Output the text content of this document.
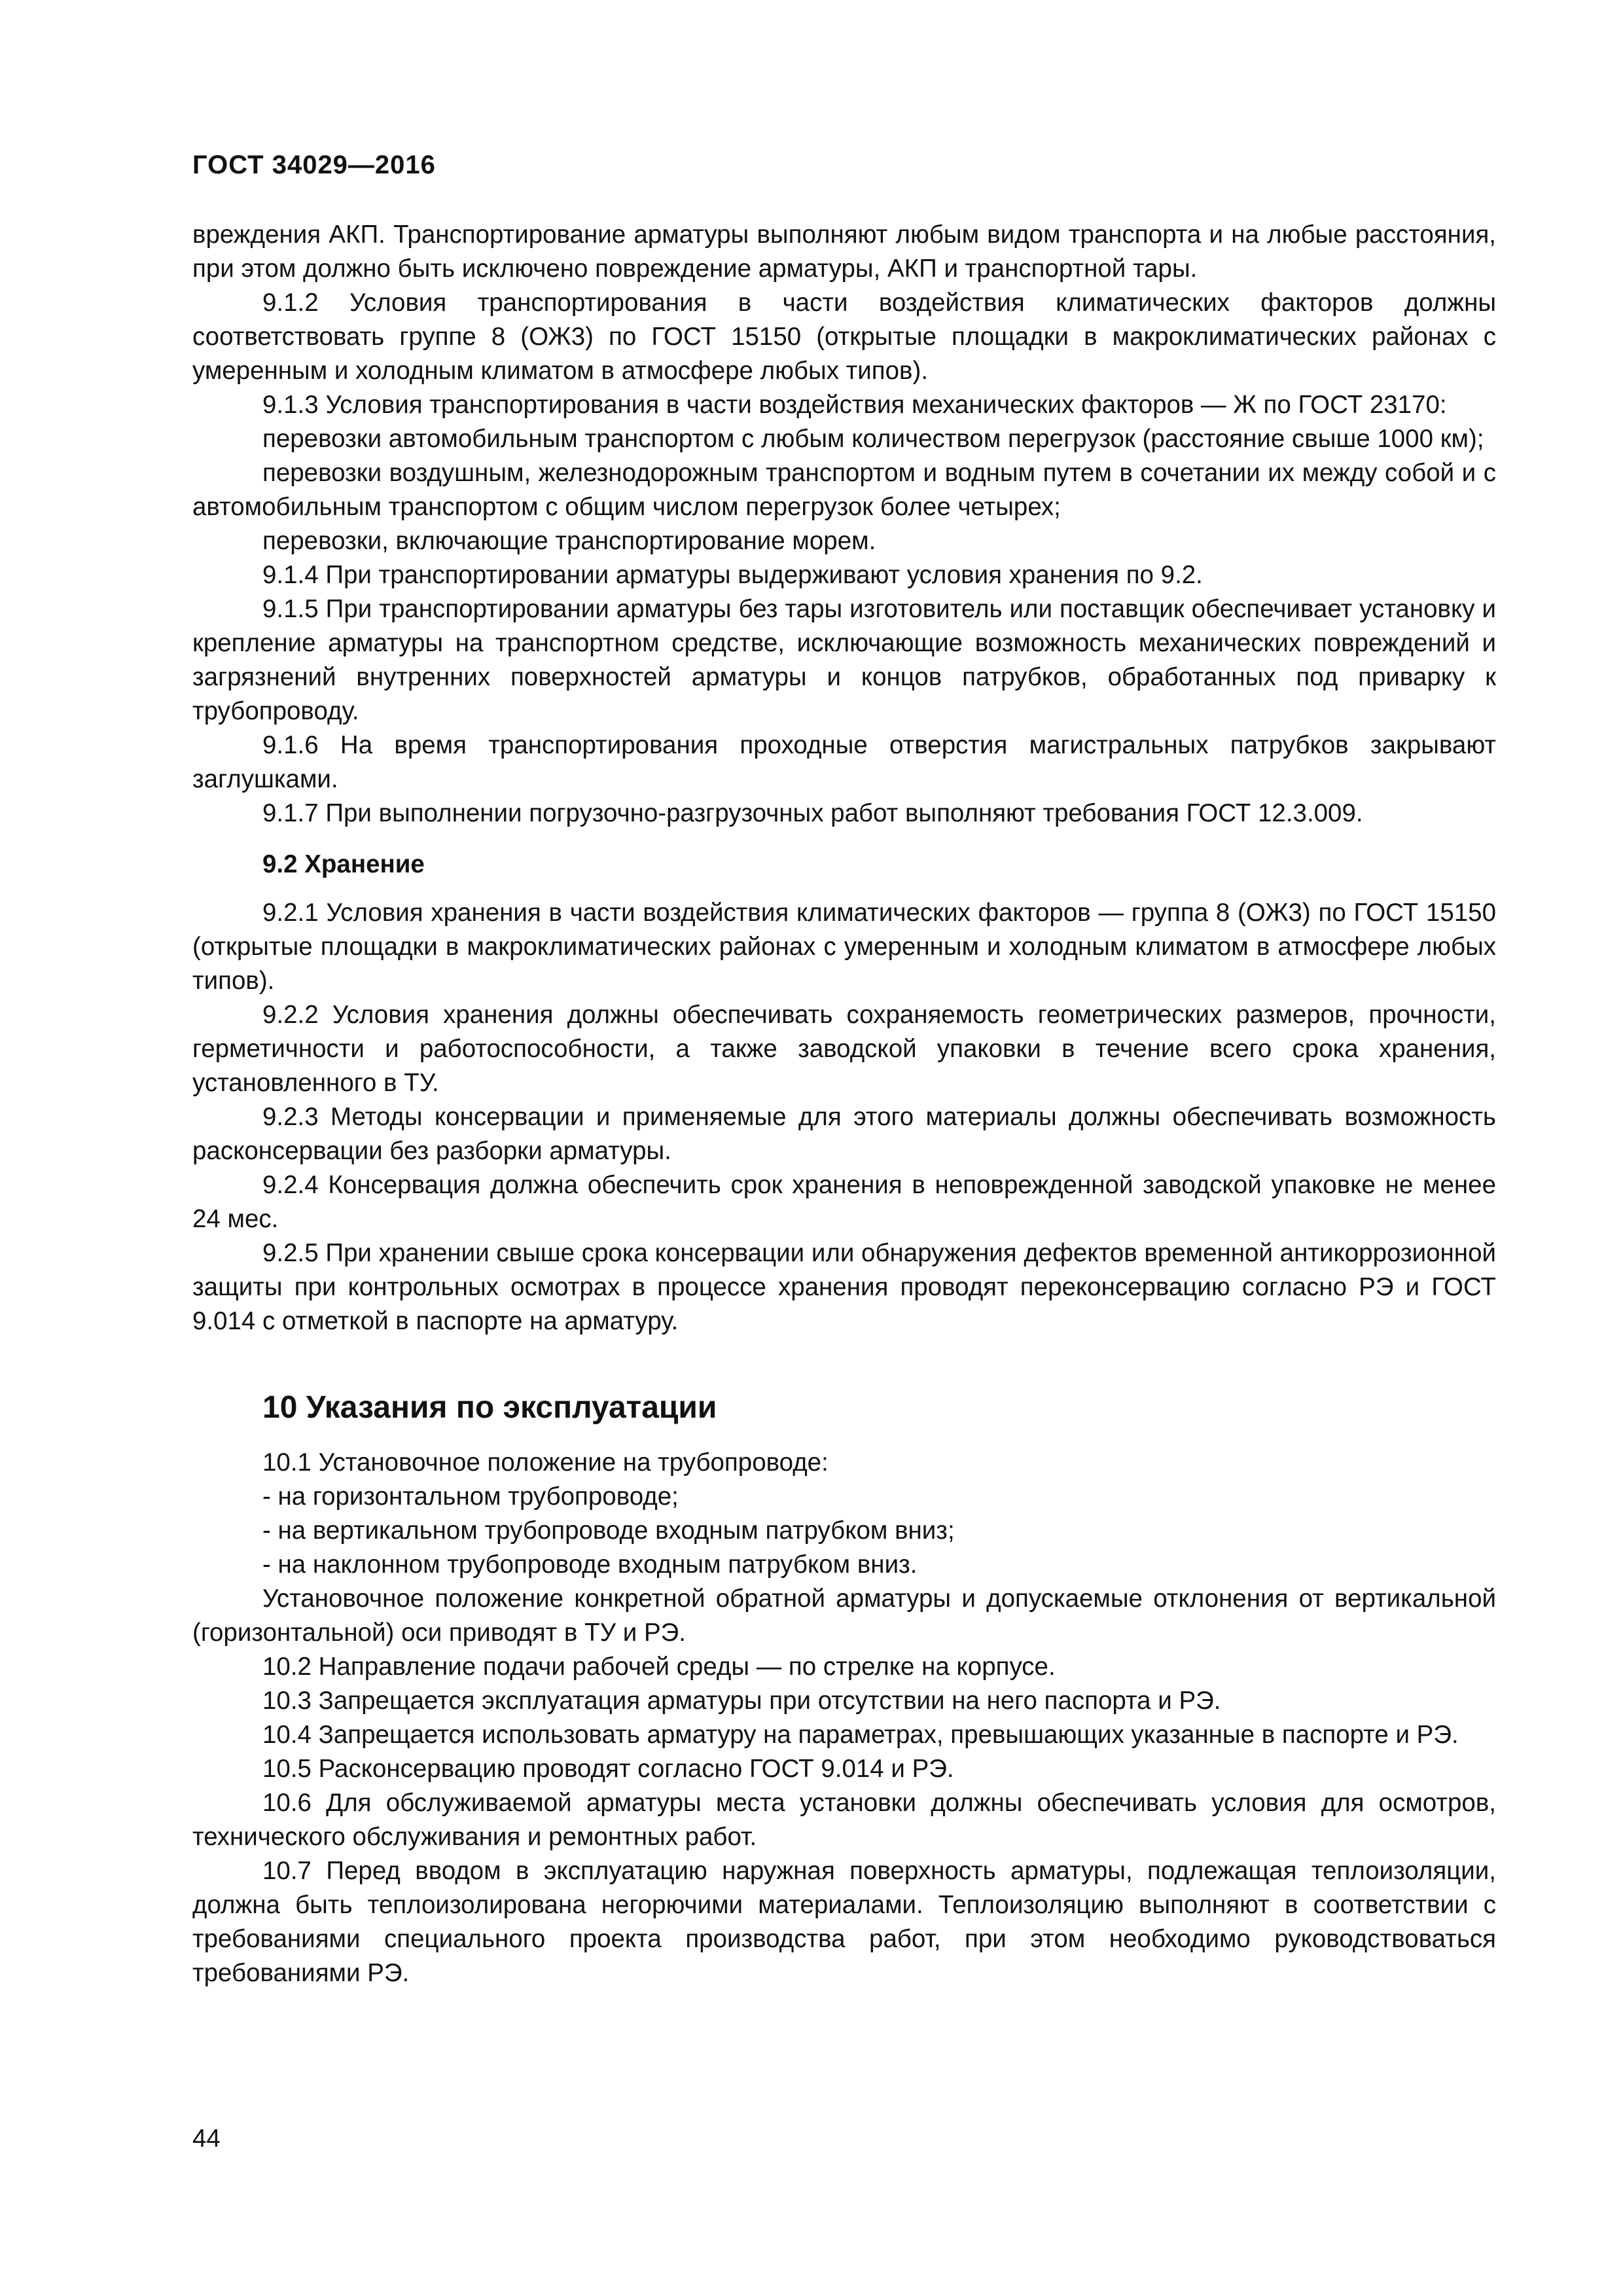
ГОСТ 34029—2016

вреждения АКП. Транспортирование арматуры выполняют любым видом транспорта и на любые расстояния, при этом должно быть исключено повреждение арматуры, АКП и транспортной тары.

9.1.2 Условия транспортирования в части воздействия климатических факторов должны соответствовать группе 8 (ОЖ3) по ГОСТ 15150 (открытые площадки в макроклиматических районах с умеренным и холодным климатом в атмосфере любых типов).

9.1.3 Условия транспортирования в части воздействия механических факторов — Ж по ГОСТ 23170:

перевозки автомобильным транспортом с любым количеством перегрузок (расстояние свыше 1000 км);

перевозки воздушным, железнодорожным транспортом и водным путем в сочетании их между собой и с автомобильным транспортом с общим числом перегрузок более четырех;

перевозки, включающие транспортирование морем.

9.1.4 При транспортировании арматуры выдерживают условия хранения по 9.2.

9.1.5 При транспортировании арматуры без тары изготовитель или поставщик обеспечивает установку и крепление арматуры на транспортном средстве, исключающие возможность механических повреждений и загрязнений внутренних поверхностей арматуры и концов патрубков, обработанных под приварку к трубопроводу.

9.1.6 На время транспортирования проходные отверстия магистральных патрубков закрывают заглушками.

9.1.7 При выполнении погрузочно-разгрузочных работ выполняют требования ГОСТ 12.3.009.

9.2 Хранение

9.2.1 Условия хранения в части воздействия климатических факторов — группа 8 (ОЖ3) по ГОСТ 15150 (открытые площадки в макроклиматических районах с умеренным и холодным климатом в атмосфере любых типов).

9.2.2 Условия хранения должны обеспечивать сохраняемость геометрических размеров, прочности, герметичности и работоспособности, а также заводской упаковки в течение всего срока хранения, установленного в ТУ.

9.2.3 Методы консервации и применяемые для этого материалы должны обеспечивать возможность расконсервации без разборки арматуры.

9.2.4 Консервация должна обеспечить срок хранения в неповрежденной заводской упаковке не менее 24 мес.

9.2.5 При хранении свыше срока консервации или обнаружения дефектов временной антикоррозионной защиты при контрольных осмотрах в процессе хранения проводят переконсервацию согласно РЭ и ГОСТ 9.014 с отметкой в паспорте на арматуру.

10 Указания по эксплуатации

10.1 Установочное положение на трубопроводе:

- на горизонтальном трубопроводе;

- на вертикальном трубопроводе входным патрубком вниз;

- на наклонном трубопроводе входным патрубком вниз.

Установочное положение конкретной обратной арматуры и допускаемые отклонения от вертикальной (горизонтальной) оси приводят в ТУ и РЭ.

10.2 Направление подачи рабочей среды — по стрелке на корпусе.

10.3 Запрещается эксплуатация арматуры при отсутствии на него паспорта и РЭ.

10.4 Запрещается использовать арматуру на параметрах, превышающих указанные в паспорте и РЭ.

10.5 Расконсервацию проводят согласно ГОСТ 9.014 и РЭ.

10.6 Для обслуживаемой арматуры места установки должны обеспечивать условия для осмотров, технического обслуживания и ремонтных работ.

10.7 Перед вводом в эксплуатацию наружная поверхность арматуры, подлежащая теплоизоляции, должна быть теплоизолирована негорючими материалами. Теплоизоляцию выполняют в соответствии с требованиями специального проекта производства работ, при этом необходимо руководствоваться требованиями РЭ.

44
